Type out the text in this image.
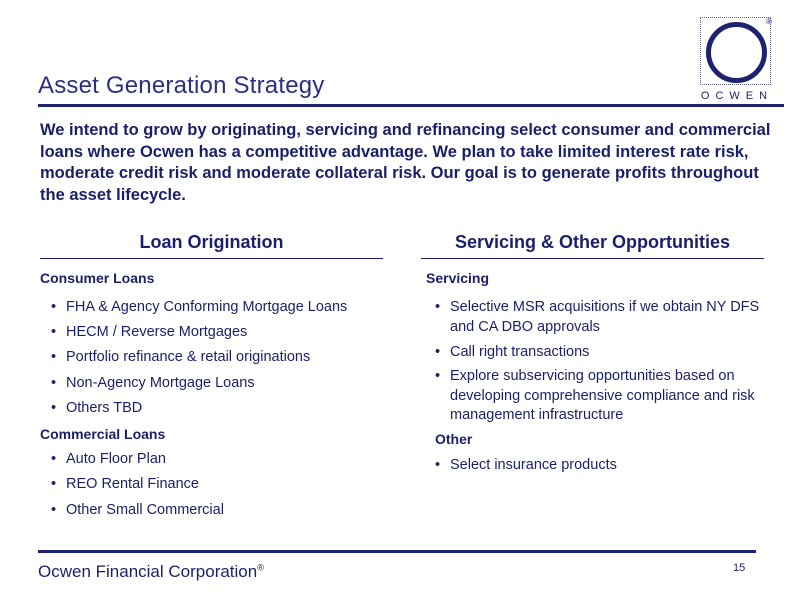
Asset Generation Strategy
®
OCWEN
We intend to grow by originating, servicing and refinancing select consumer and commercial loans where Ocwen has a competitive advantage. We plan to take limited interest rate risk, moderate credit risk and moderate collateral risk. Our goal is to generate profits throughout the asset lifecycle.
Loan Origination
Consumer Loans
• FHA & Agency Conforming Mortgage Loans
• HECM / Reverse Mortgages
• Portfolio refinance & retail originations
• Non-Agency Mortgage Loans
• Others TBD
Commercial Loans
• Auto Floor Plan
• REO Rental Finance
• Other Small Commercial
Servicing & Other Opportunities
Servicing
• Selective MSR acquisitions if we obtain NY DFS and CA DBO approvals
• Call right transactions
• Explore subservicing opportunities based on developing comprehensive compliance and risk management infrastructure
Other
• Select insurance products
Ocwen Financial Corporation®	15
